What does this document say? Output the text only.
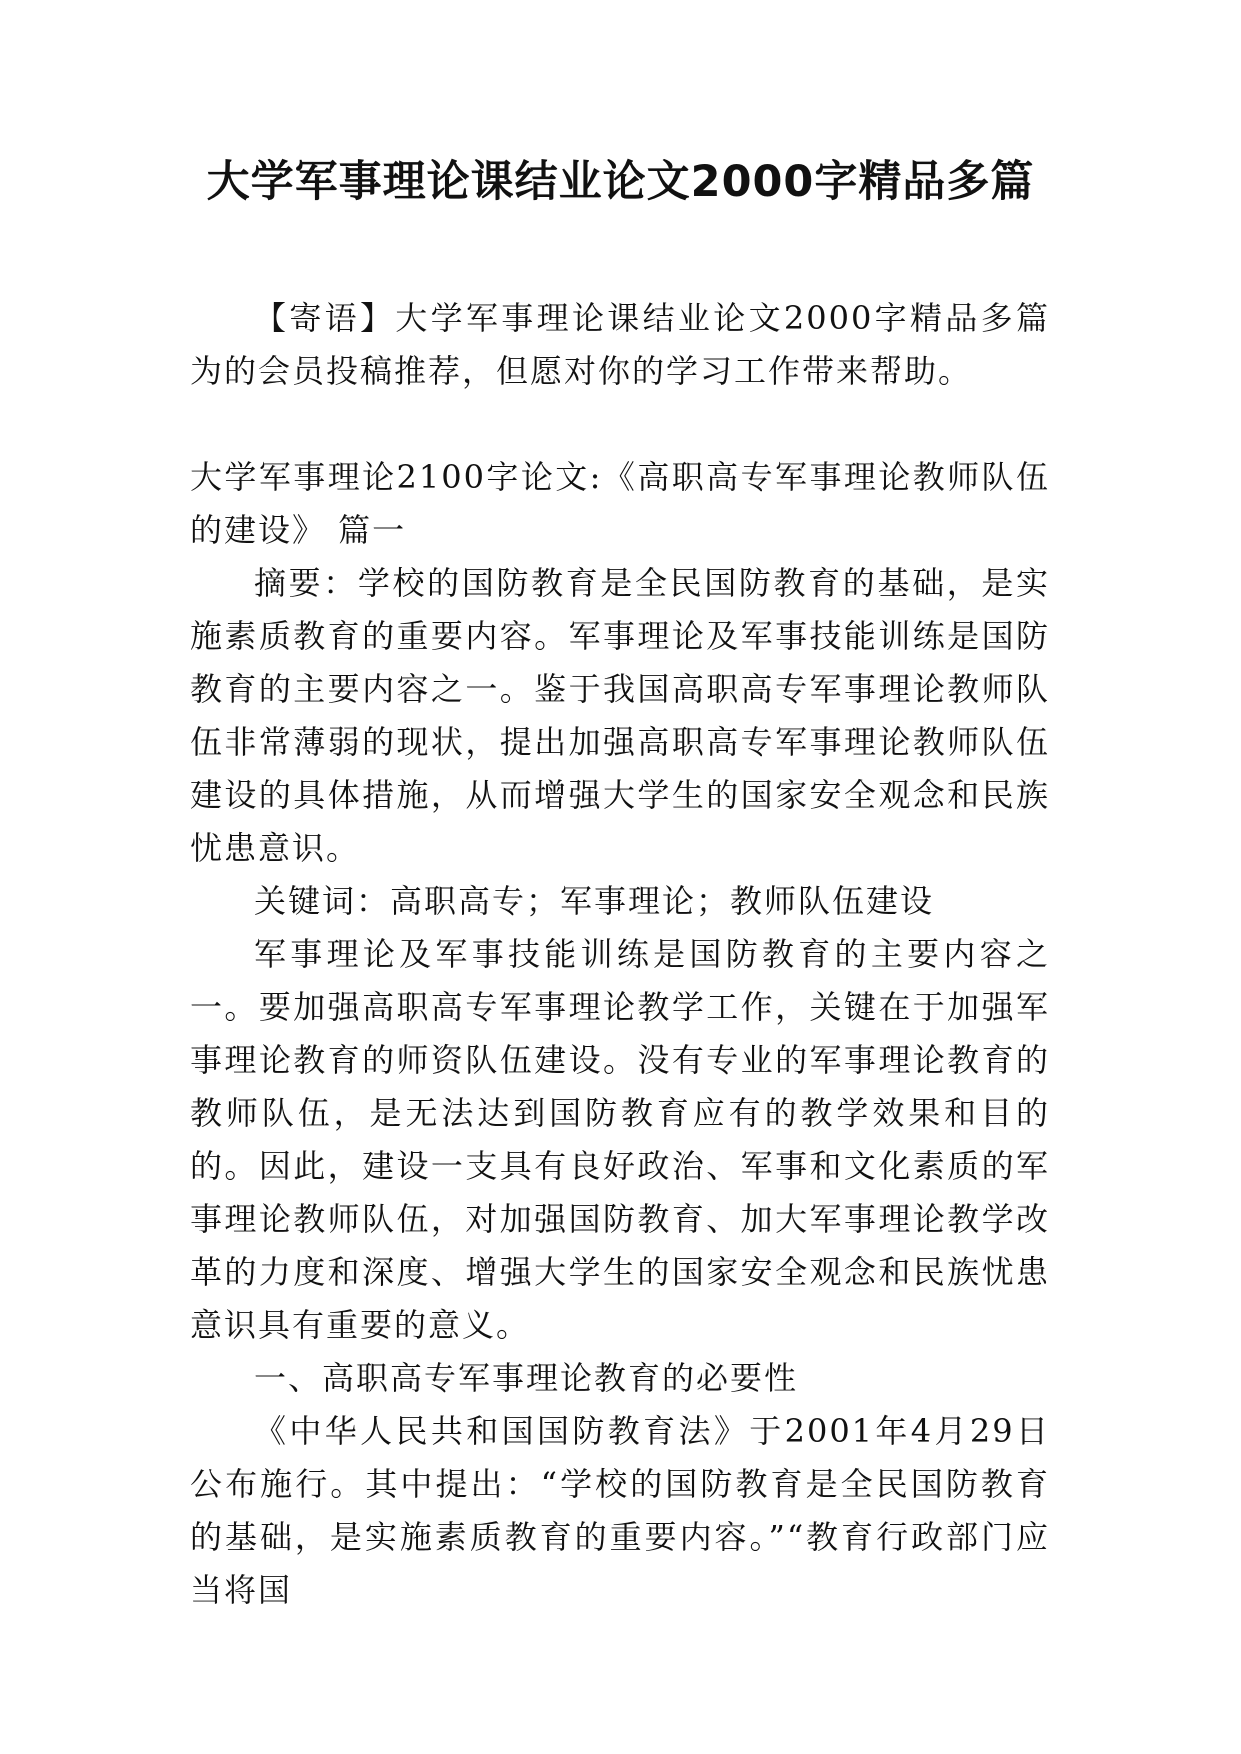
大学军事理论课结业论文2000字精品多篇

【寄语】大学军事理论课结业论文2000字精品多篇为的会员投稿推荐，但愿对你的学习工作带来帮助。

大学军事理论2100字论文:《高职高专军事理论教师队伍的建设》 篇一

摘要：学校的国防教育是全民国防教育的基础，是实施素质教育的重要内容。军事理论及军事技能训练是国防教育的主要内容之一。鉴于我国高职高专军事理论教师队伍非常薄弱的现状，提出加强高职高专军事理论教师队伍建设的具体措施，从而增强大学生的国家安全观念和民族忧患意识。

关键词：高职高专；军事理论；教师队伍建设

军事理论及军事技能训练是国防教育的主要内容之一。要加强高职高专军事理论教学工作，关键在于加强军事理论教育的师资队伍建设。没有专业的军事理论教育的教师队伍，是无法达到国防教育应有的教学效果和目的的。因此，建设一支具有良好政治、军事和文化素质的军事理论教师队伍，对加强国防教育、加大军事理论教学改革的力度和深度、增强大学生的国家安全观念和民族忧患意识具有重要的意义。

一、高职高专军事理论教育的必要性

《中华人民共和国国防教育法》于2001年4月29日公布施行。其中提出：“学校的国防教育是全民国防教育的基础，是实施素质教育的重要内容。”“教育行政部门应当将国
